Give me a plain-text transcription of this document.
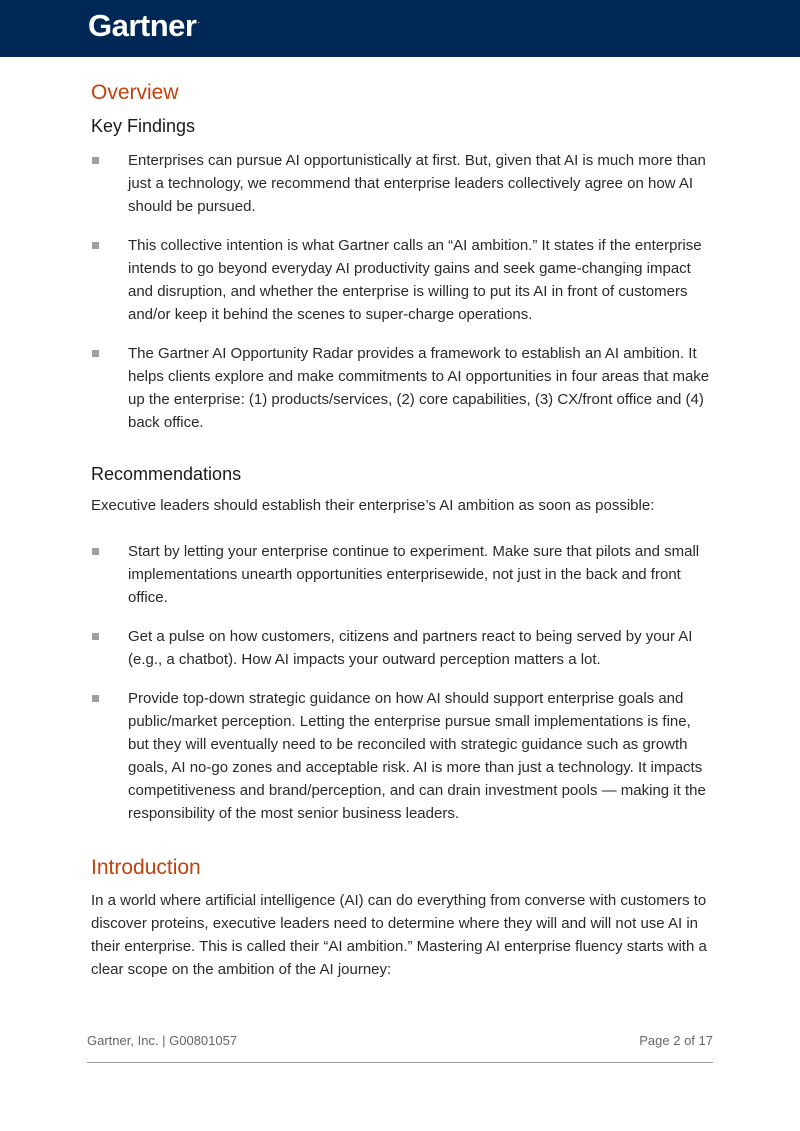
Gartner.
Overview
Key Findings
Enterprises can pursue AI opportunistically at first. But, given that AI is much more than just a technology, we recommend that enterprise leaders collectively agree on how AI should be pursued.
This collective intention is what Gartner calls an “AI ambition.” It states if the enterprise intends to go beyond everyday AI productivity gains and seek game-changing impact and disruption, and whether the enterprise is willing to put its AI in front of customers and/or keep it behind the scenes to super-charge operations.
The Gartner AI Opportunity Radar provides a framework to establish an AI ambition. It helps clients explore and make commitments to AI opportunities in four areas that make up the enterprise: (1) products/services, (2) core capabilities, (3) CX/front office and (4) back office.
Recommendations

Executive leaders should establish their enterprise’s AI ambition as soon as possible:

Start by letting your enterprise continue to experiment. Make sure that pilots and small implementations unearth opportunities enterprisewide, not just in the back and front office.
Get a pulse on how customers, citizens and partners react to being served by your AI (e.g., a chatbot). How AI impacts your outward perception matters a lot.
Provide top-down strategic guidance on how AI should support enterprise goals and public/market perception. Letting the enterprise pursue small implementations is fine, but they will eventually need to be reconciled with strategic guidance such as growth goals, AI no-go zones and acceptable risk. AI is more than just a technology. It impacts competitiveness and brand/perception, and can drain investment pools — making it the responsibility of the most senior business leaders.
Introduction

In a world where artificial intelligence (AI) can do everything from converse with customers to discover proteins, executive leaders need to determine where they will and will not use AI in their enterprise. This is called their “AI ambition.” Mastering AI enterprise fluency starts with a clear scope on the ambition of the AI journey:

Gartner, Inc. | G00801057	Page 2 of 17
